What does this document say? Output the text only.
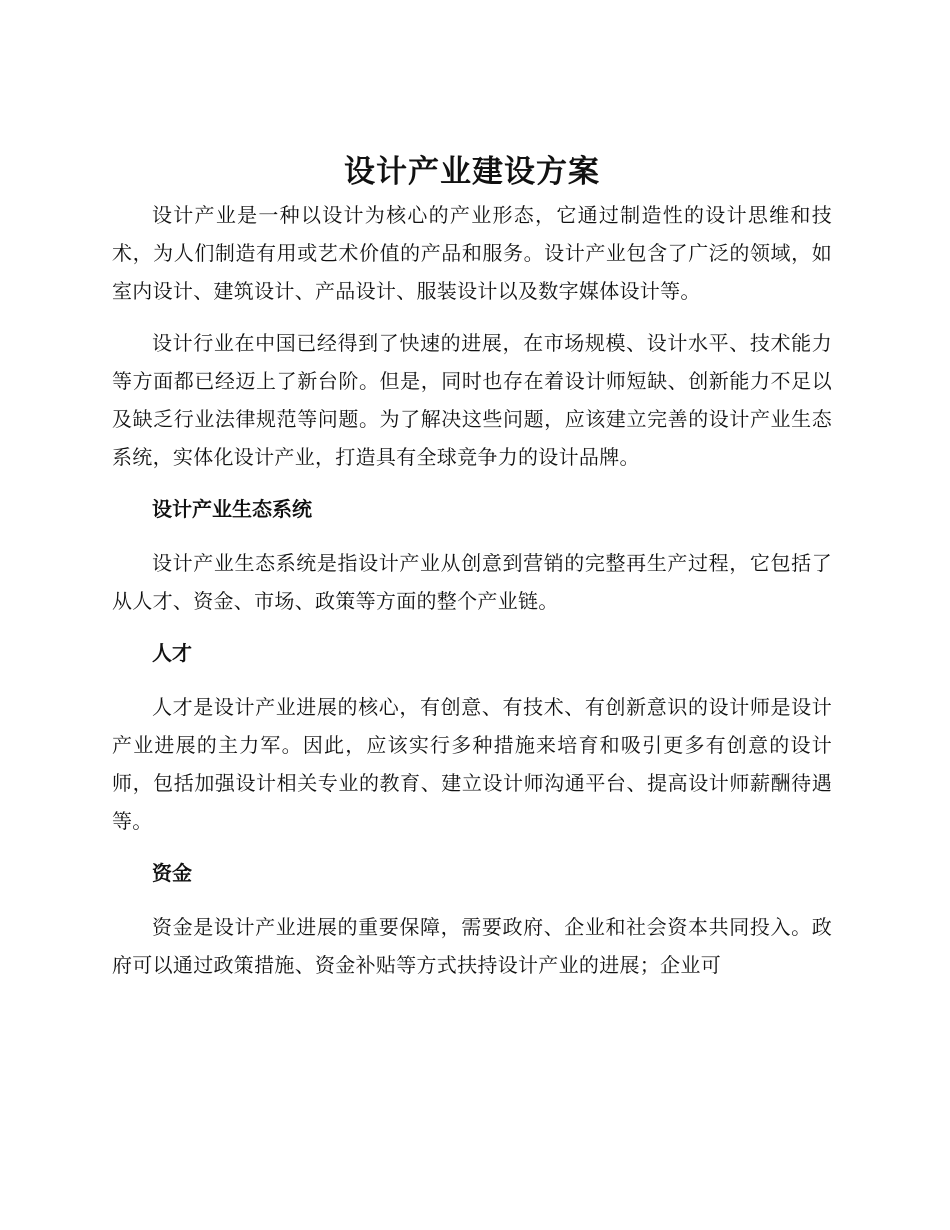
设计产业建设方案

设计产业是一种以设计为核心的产业形态，它通过制造性的设计思维和技术，为人们制造有用或艺术价值的产品和服务。设计产业包含了广泛的领域，如室内设计、建筑设计、产品设计、服装设计以及数字媒体设计等。

设计行业在中国已经得到了快速的进展，在市场规模、设计水平、技术能力等方面都已经迈上了新台阶。但是，同时也存在着设计师短缺、创新能力不足以及缺乏行业法律规范等问题。为了解决这些问题，应该建立完善的设计产业生态系统，实体化设计产业，打造具有全球竞争力的设计品牌。

设计产业生态系统

设计产业生态系统是指设计产业从创意到营销的完整再生产过程，它包括了从人才、资金、市场、政策等方面的整个产业链。

人才

人才是设计产业进展的核心，有创意、有技术、有创新意识的设计师是设计产业进展的主力军。因此，应该实行多种措施来培育和吸引更多有创意的设计师，包括加强设计相关专业的教育、建立设计师沟通平台、提高设计师薪酬待遇等。

资金

资金是设计产业进展的重要保障，需要政府、企业和社会资本共同投入。政府可以通过政策措施、资金补贴等方式扶持设计产业的进展；企业可
